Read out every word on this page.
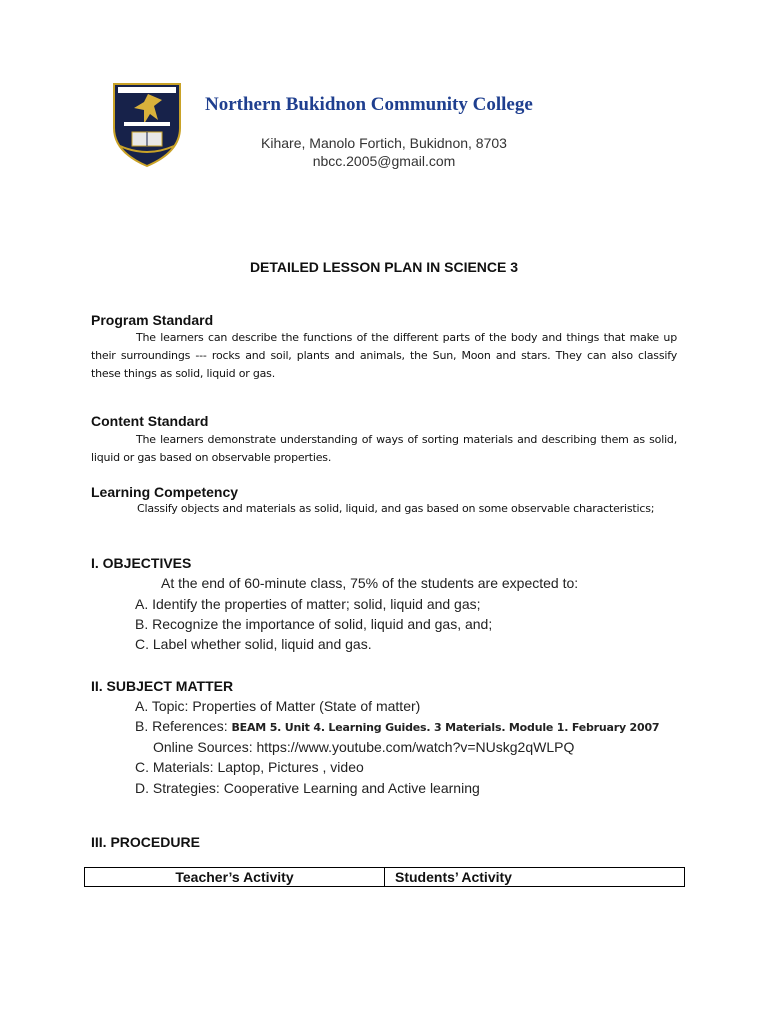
Northern Bukidnon Community College
Kihare, Manolo Fortich, Bukidnon, 8703
nbcc.2005@gmail.com
DETAILED LESSON PLAN IN SCIENCE 3
Program Standard
The learners can describe the functions of the different parts of the body and things that make up their surroundings --- rocks and soil, plants and animals, the Sun, Moon and stars. They can also classify these things as solid, liquid or gas.
Content Standard
The learners demonstrate understanding of ways of sorting materials and describing them as solid, liquid or gas based on observable properties.
Learning Competency
Classify objects and materials as solid, liquid, and gas based on some observable characteristics;
I. OBJECTIVES
At the end of 60-minute class, 75% of the students are expected to:
A. Identify the properties of matter; solid, liquid and gas;
B. Recognize the importance of solid, liquid and gas, and;
C. Label whether solid, liquid and gas.
II. SUBJECT MATTER
A. Topic: Properties of Matter (State of matter)
B. References: BEAM 5. Unit 4. Learning Guides. 3 Materials. Module 1. February 2007
Online Sources: https://www.youtube.com/watch?v=NUskg2qWLPQ
C. Materials: Laptop, Pictures , video
D. Strategies: Cooperative Learning and Active learning
III. PROCEDURE
Teacher’s Activity	Students’ Activity
